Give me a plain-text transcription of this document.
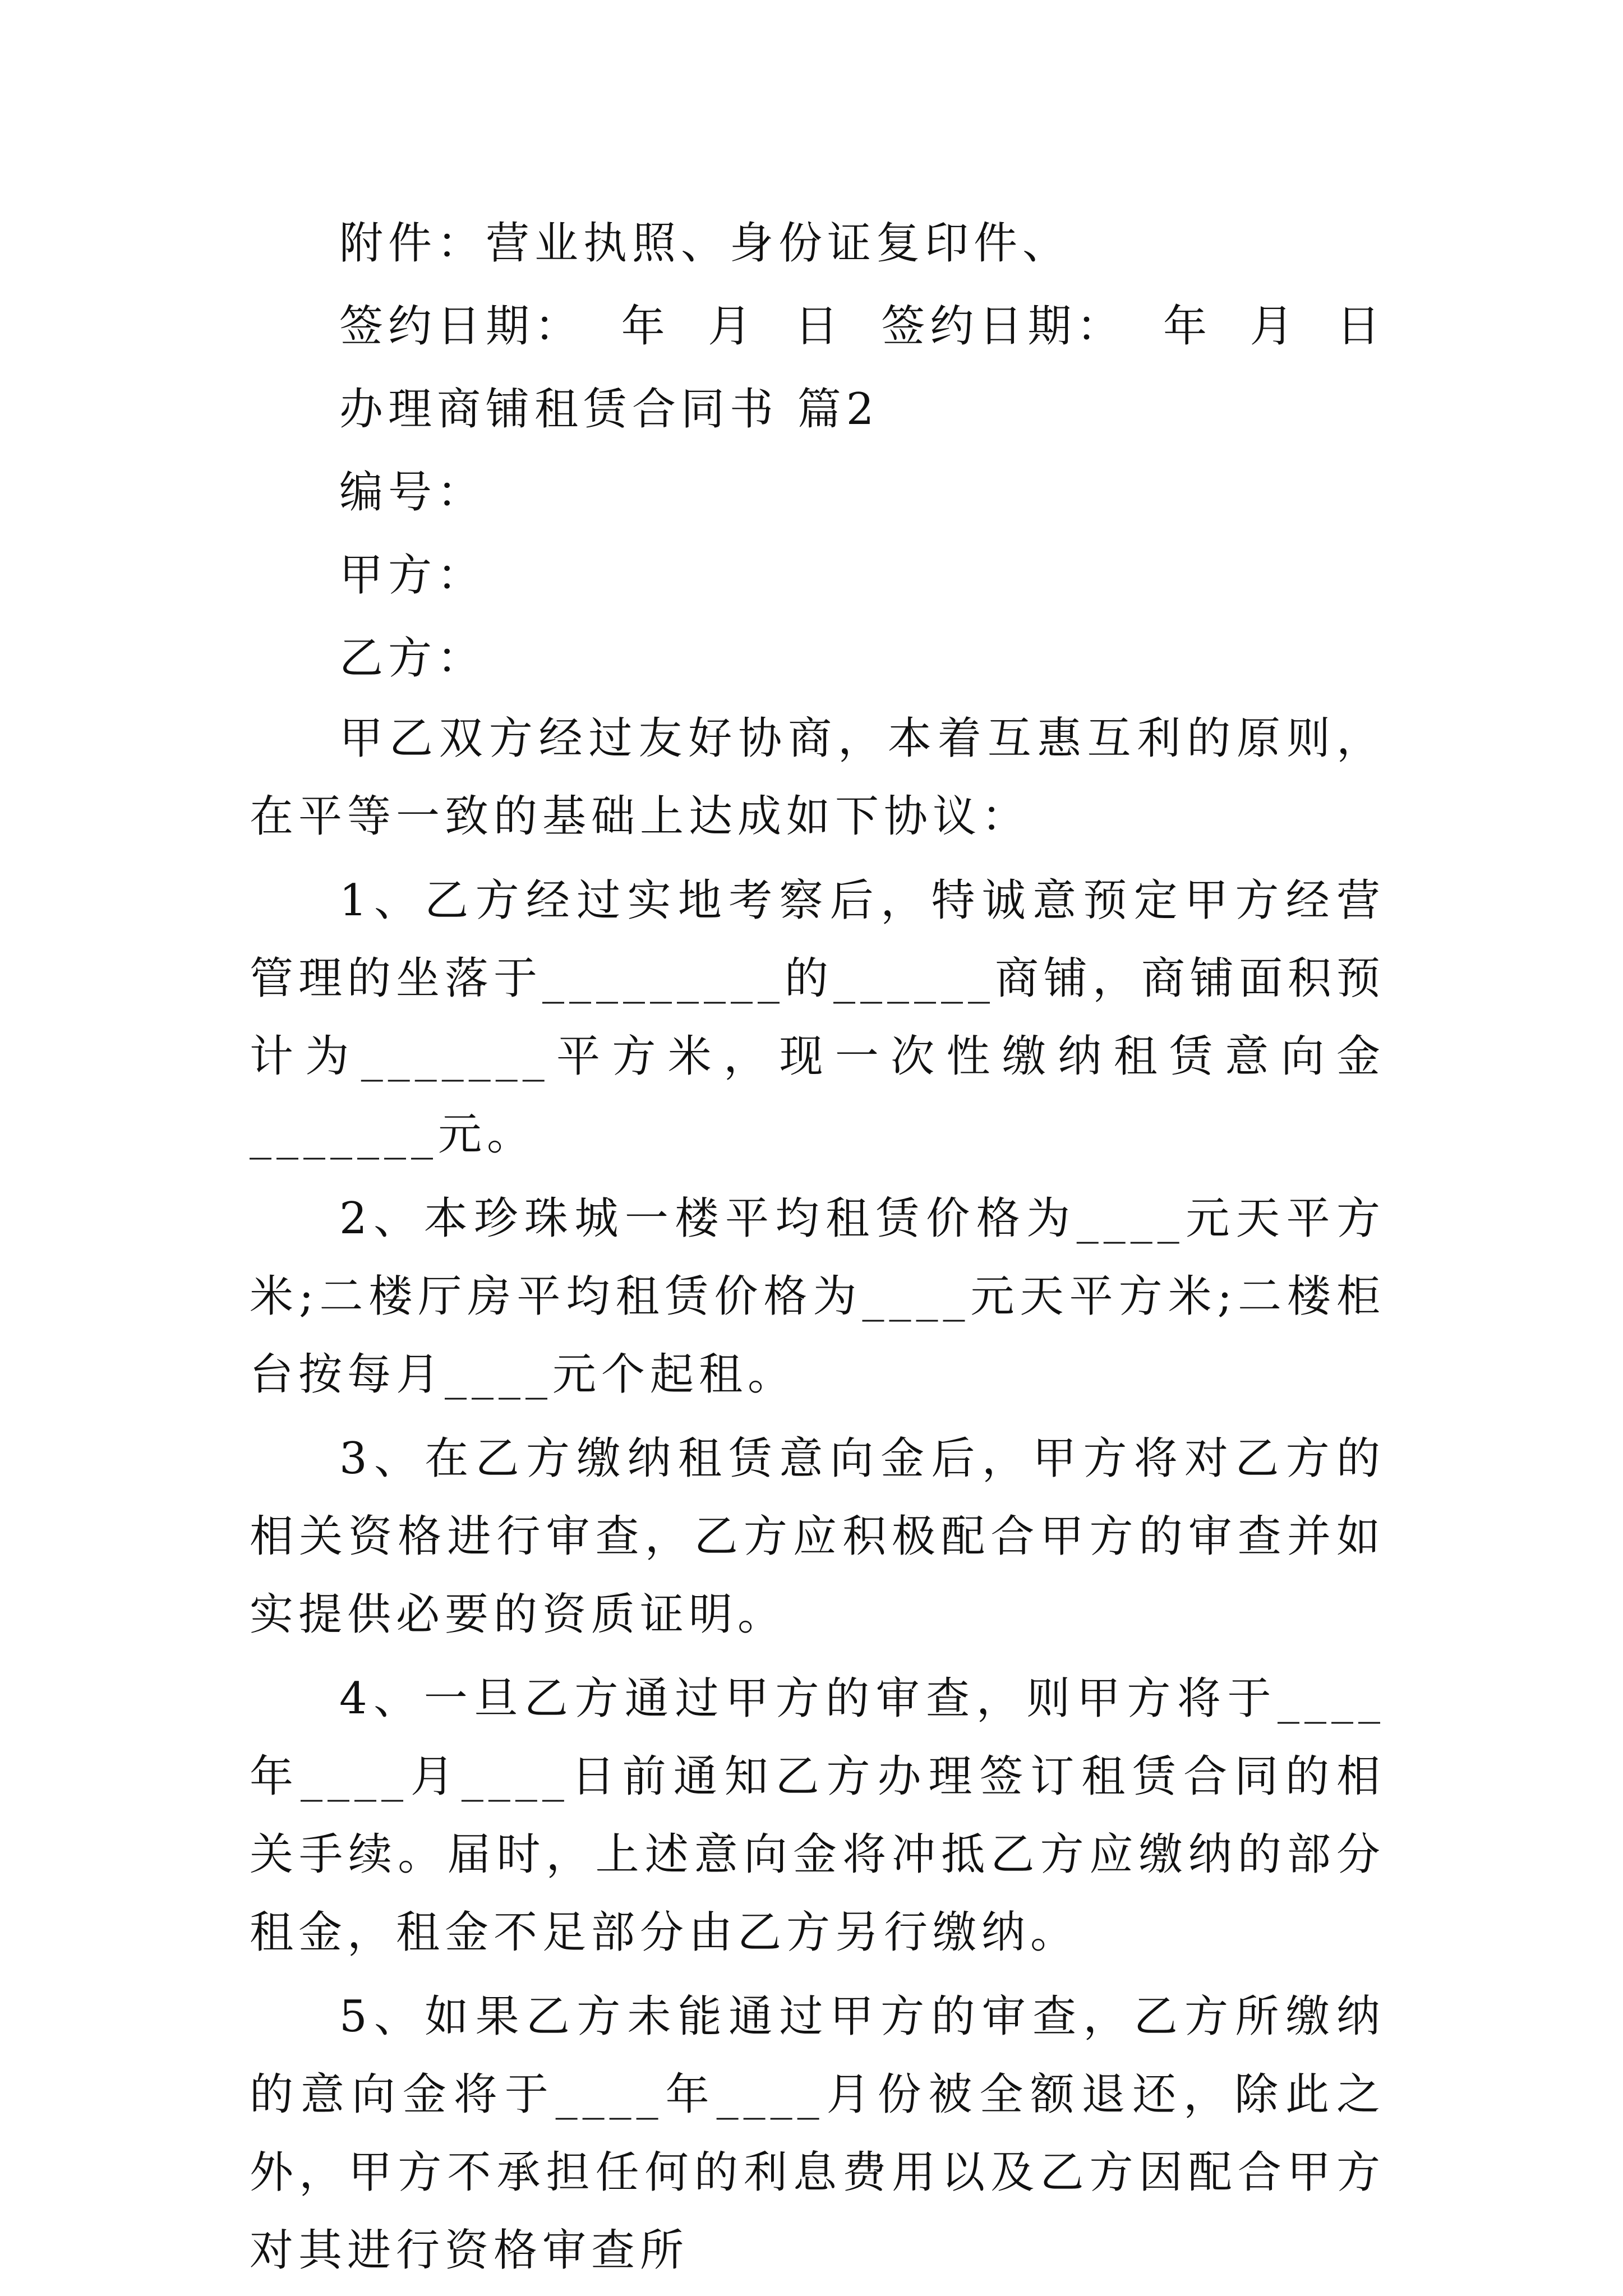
附件：营业执照、身份证复印件、

签约日期：  年  月  日  签约日期：  年  月  日

办理商铺租赁合同书 篇2

编号：

甲方：

乙方：

甲乙双方经过友好协商，本着互惠互利的原则，在平等一致的基础上达成如下协议：

1、乙方经过实地考察后，特诚意预定甲方经营管理的坐落于_________的______商铺，商铺面积预计为_______平方米，现一次性缴纳租赁意向金_______元。

2、本珍珠城一楼平均租赁价格为____元天平方米;二楼厅房平均租赁价格为____元天平方米;二楼柜台按每月____元个起租。

3、在乙方缴纳租赁意向金后，甲方将对乙方的相关资格进行审查，乙方应积极配合甲方的审查并如实提供必要的资质证明。

4、一旦乙方通过甲方的审查，则甲方将于____年____月____日前通知乙方办理签订租赁合同的相关手续。届时，上述意向金将冲抵乙方应缴纳的部分租金，租金不足部分由乙方另行缴纳。

5、如果乙方未能通过甲方的审查，乙方所缴纳的意向金将于____年____月份被全额退还，除此之外，甲方不承担任何的利息费用以及乙方因配合甲方对其进行资格审查所
